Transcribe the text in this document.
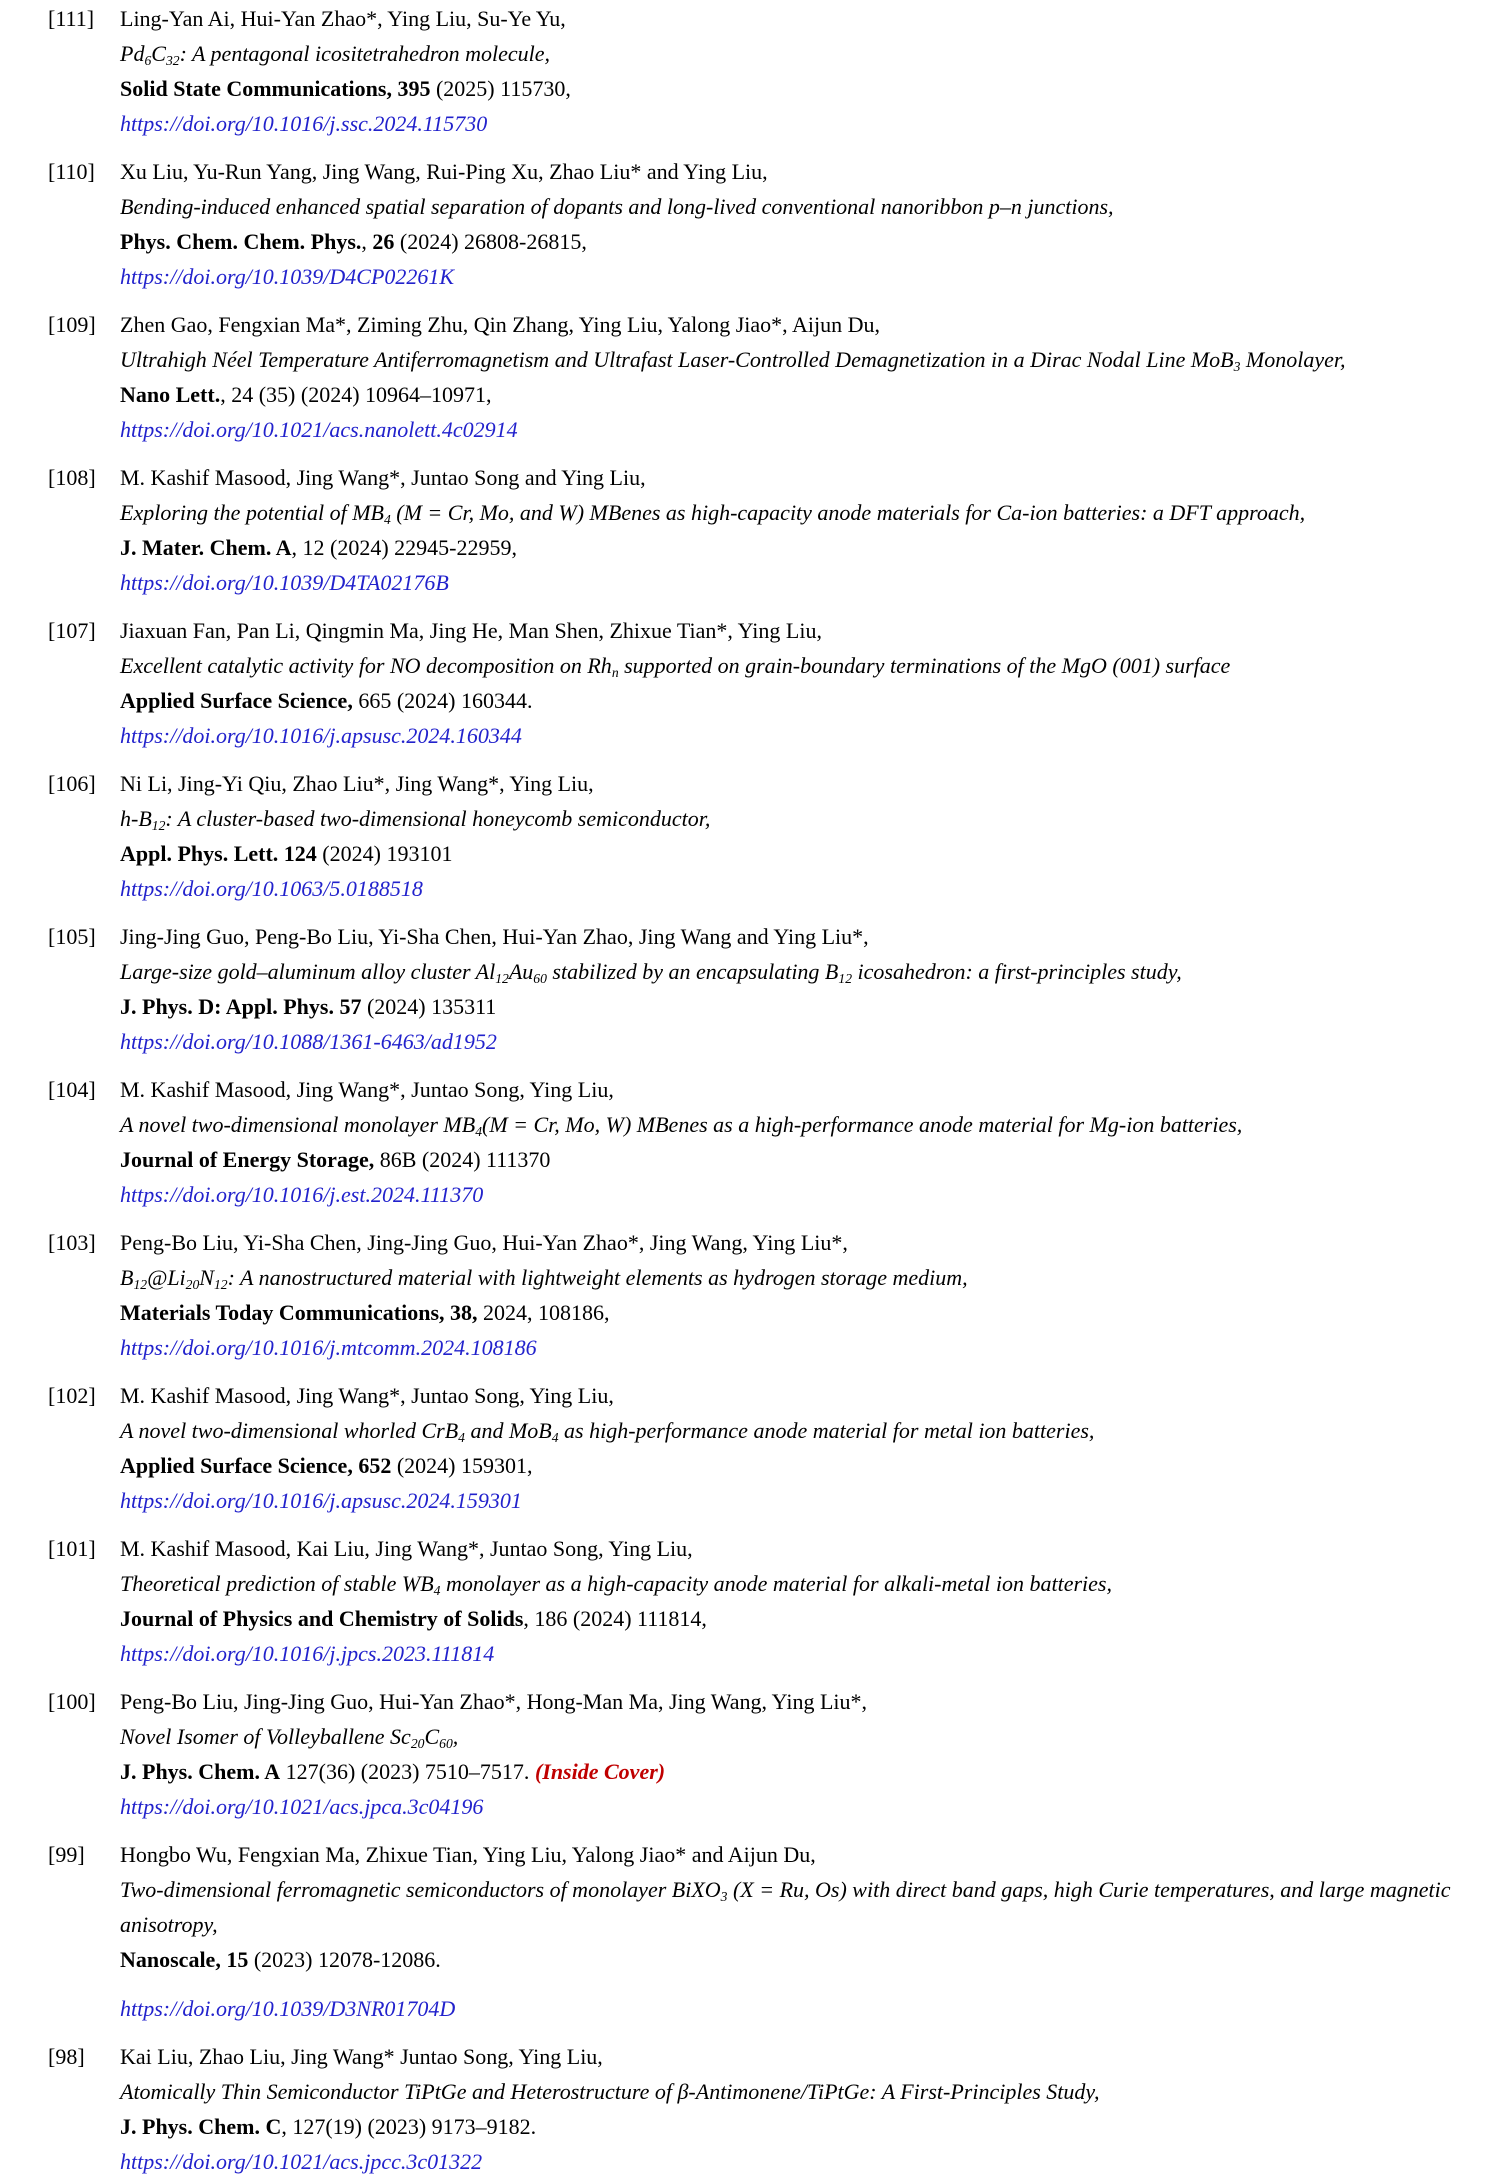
[111]	Ling-Yan Ai, Hui-Yan Zhao*, Ying Liu, Su-Ye Yu,
$Pd_6C_{32}$: A pentagonal icositetrahedron molecule,
Solid State Communications, 395 (2025) 115730,
https://doi.org/10.1016/j.ssc.2024.115730
[110]	Xu Liu, Yu-Run Yang, Jing Wang, Rui-Ping Xu, Zhao Liu* and Ying Liu,
Bending-induced enhanced spatial separation of dopants and long-lived conventional nanoribbon p–n junctions,
Phys. Chem. Chem. Phys., 26 (2024) 26808-26815,
https://doi.org/10.1039/D4CP02261K
[109]	Zhen Gao, Fengxian Ma*, Ziming Zhu, Qin Zhang, Ying Liu, Yalong Jiao*, Aijun Du,
Ultrahigh Néel Temperature Antiferromagnetism and Ultrafast Laser-Controlled Demagnetization in a Dirac Nodal Line MoB$_3$ Monolayer,
Nano Lett., 24 (35) (2024) 10964–10971,
https://doi.org/10.1021/acs.nanolett.4c02914
[108]	M. Kashif Masood, Jing Wang*, Juntao Song and Ying Liu,
Exploring the potential of $MB_4$ (M = Cr, Mo, and W) MBenes as high-capacity anode materials for Ca-ion batteries: a DFT approach,
J. Mater. Chem. A, 12 (2024) 22945-22959,
https://doi.org/10.1039/D4TA02176B
[107]	Jiaxuan Fan, Pan Li, Qingmin Ma, Jing He, Man Shen, Zhixue Tian*, Ying Liu,
Excellent catalytic activity for NO decomposition on $Rh_n$ supported on grain-boundary terminations of the MgO (001) surface
Applied Surface Science, 665 (2024) 160344.
https://doi.org/10.1016/j.apsusc.2024.160344
[106]	Ni Li, Jing-Yi Qiu, Zhao Liu*, Jing Wang*, Ying Liu,
$h-B_{12}$: A cluster-based two-dimensional honeycomb semiconductor,
Appl. Phys. Lett. 124 (2024) 193101
https://doi.org/10.1063/5.0188518
[105]	Jing-Jing Guo, Peng-Bo Liu, Yi-Sha Chen, Hui-Yan Zhao, Jing Wang and Ying Liu*,
Large-size gold–aluminum alloy cluster $Al_{12}Au_{60}$ stabilized by an encapsulating $B_{12}$ icosahedron: a first-principles study,
J. Phys. D: Appl. Phys. 57 (2024) 135311
https://doi.org/10.1088/1361-6463/ad1952
[104]	M. Kashif Masood, Jing Wang*, Juntao Song, Ying Liu,
A novel two-dimensional monolayer $MB_4(M = Cr$, Mo, W) MBenes as a high-performance anode material for Mg-ion batteries,
Journal of Energy Storage, 86B (2024) 111370
https://doi.org/10.1016/j.est.2024.111370
[103]	Peng-Bo Liu, Yi-Sha Chen, Jing-Jing Guo, Hui-Yan Zhao*, Jing Wang, Ying Liu*,
$B_{12}@Li_{20}N_{12}$: A nanostructured material with lightweight elements as hydrogen storage medium,
Materials Today Communications, 38, 2024, 108186,
https://doi.org/10.1016/j.mtcomm.2024.108186
[102]	M. Kashif Masood, Jing Wang*, Juntao Song, Ying Liu,
A novel two-dimensional whorled CrB$_4$ and MoB$_4$ as high-performance anode material for metal ion batteries,
Applied Surface Science, 652 (2024) 159301,
https://doi.org/10.1016/j.apsusc.2024.159301
[101]	M. Kashif Masood, Kai Liu, Jing Wang*, Juntao Song, Ying Liu,
Theoretical prediction of stable $WB_4$ monolayer as a high-capacity anode material for alkali-metal ion batteries,
Journal of Physics and Chemistry of Solids, 186 (2024) 111814,
https://doi.org/10.1016/j.jpcs.2023.111814
[100]	Peng-Bo Liu, Jing-Jing Guo, Hui-Yan Zhao*, Hong-Man Ma, Jing Wang, Ying Liu*,
Novel Isomer of Volleyballene $Sc_{20}C_{60}$,
J. Phys. Chem. A 127(36) (2023) 7510–7517. (Inside Cover)
https://doi.org/10.1021/acs.jpca.3c04196
[99]	Hongbo Wu, Fengxian Ma, Zhixue Tian, Ying Liu, Yalong Jiao* and Aijun Du,
Two-dimensional ferromagnetic semiconductors of monolayer BiXO$_3$ (X = Ru, Os) with direct band gaps, high Curie temperatures, and large magnetic anisotropy,
Nanoscale, 15 (2023) 12078-12086.
https://doi.org/10.1039/D3NR01704D
[98]	Kai Liu, Zhao Liu, Jing Wang* Juntao Song, Ying Liu,
Atomically Thin Semiconductor TiPtGe and Heterostructure of β-Antimonene/TiPtGe: A First-Principles Study,
J. Phys. Chem. C, 127(19) (2023) 9173–9182.
https://doi.org/10.1021/acs.jpcc.3c01322
